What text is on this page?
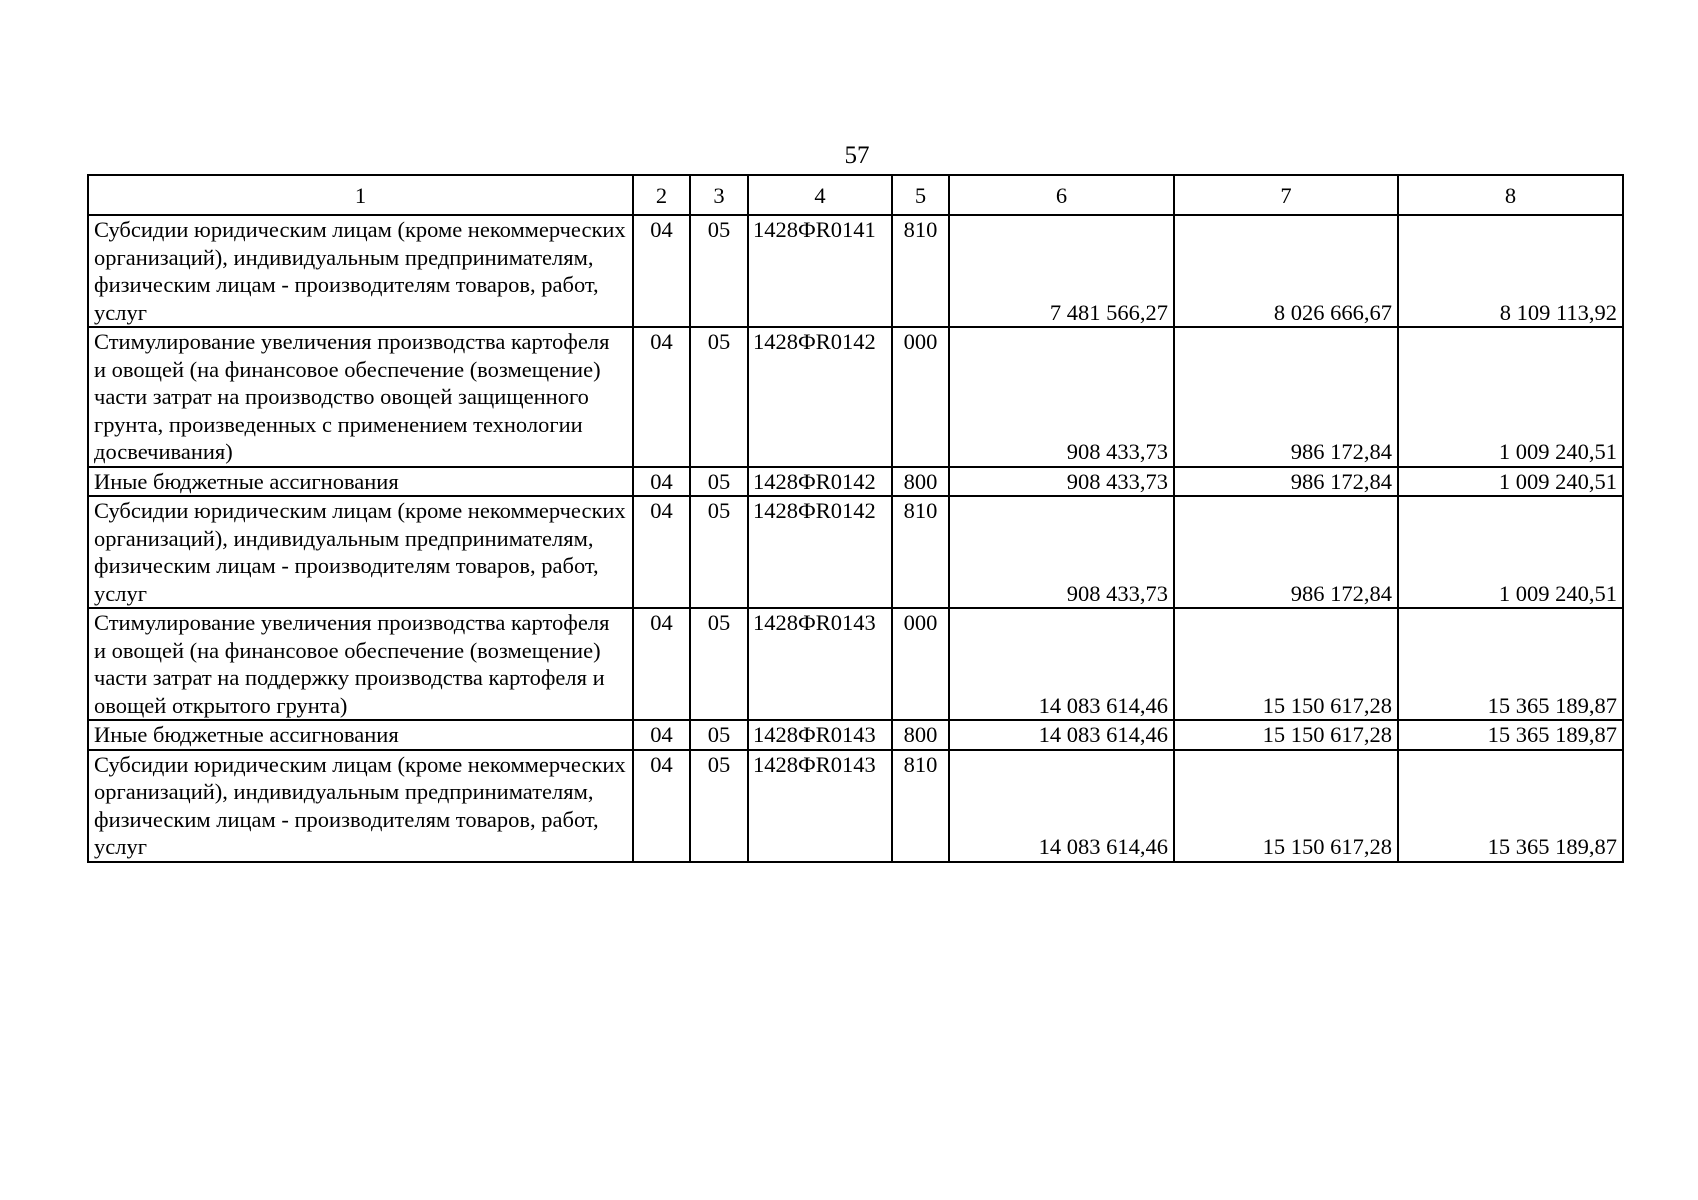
57
1	2	3	4	5	6	7	8
Субсидии юридическим лицам (кроме некоммерческих организаций), индивидуальным предпринимателям, физическим лицам - производителям товаров, работ, услуг	04	05	1428ФR0141	810	7 481 566,27	8 026 666,67	8 109 113,92
Стимулирование увеличения производства картофеля и овощей (на финансовое обеспечение (возмещение) части затрат на производство овощей защищенного грунта, произведенных с применением технологии досвечивания)	04	05	1428ФR0142	000	908 433,73	986 172,84	1 009 240,51
Иные бюджетные ассигнования	04	05	1428ФR0142	800	908 433,73	986 172,84	1 009 240,51
Субсидии юридическим лицам (кроме некоммерческих организаций), индивидуальным предпринимателям, физическим лицам - производителям товаров, работ, услуг	04	05	1428ФR0142	810	908 433,73	986 172,84	1 009 240,51
Стимулирование увеличения производства картофеля и овощей (на финансовое обеспечение (возмещение) части затрат на поддержку производства картофеля и овощей открытого грунта)	04	05	1428ФR0143	000	14 083 614,46	15 150 617,28	15 365 189,87
Иные бюджетные ассигнования	04	05	1428ФR0143	800	14 083 614,46	15 150 617,28	15 365 189,87
Субсидии юридическим лицам (кроме некоммерческих организаций), индивидуальным предпринимателям, физическим лицам - производителям товаров, работ, услуг	04	05	1428ФR0143	810	14 083 614,46	15 150 617,28	15 365 189,87
